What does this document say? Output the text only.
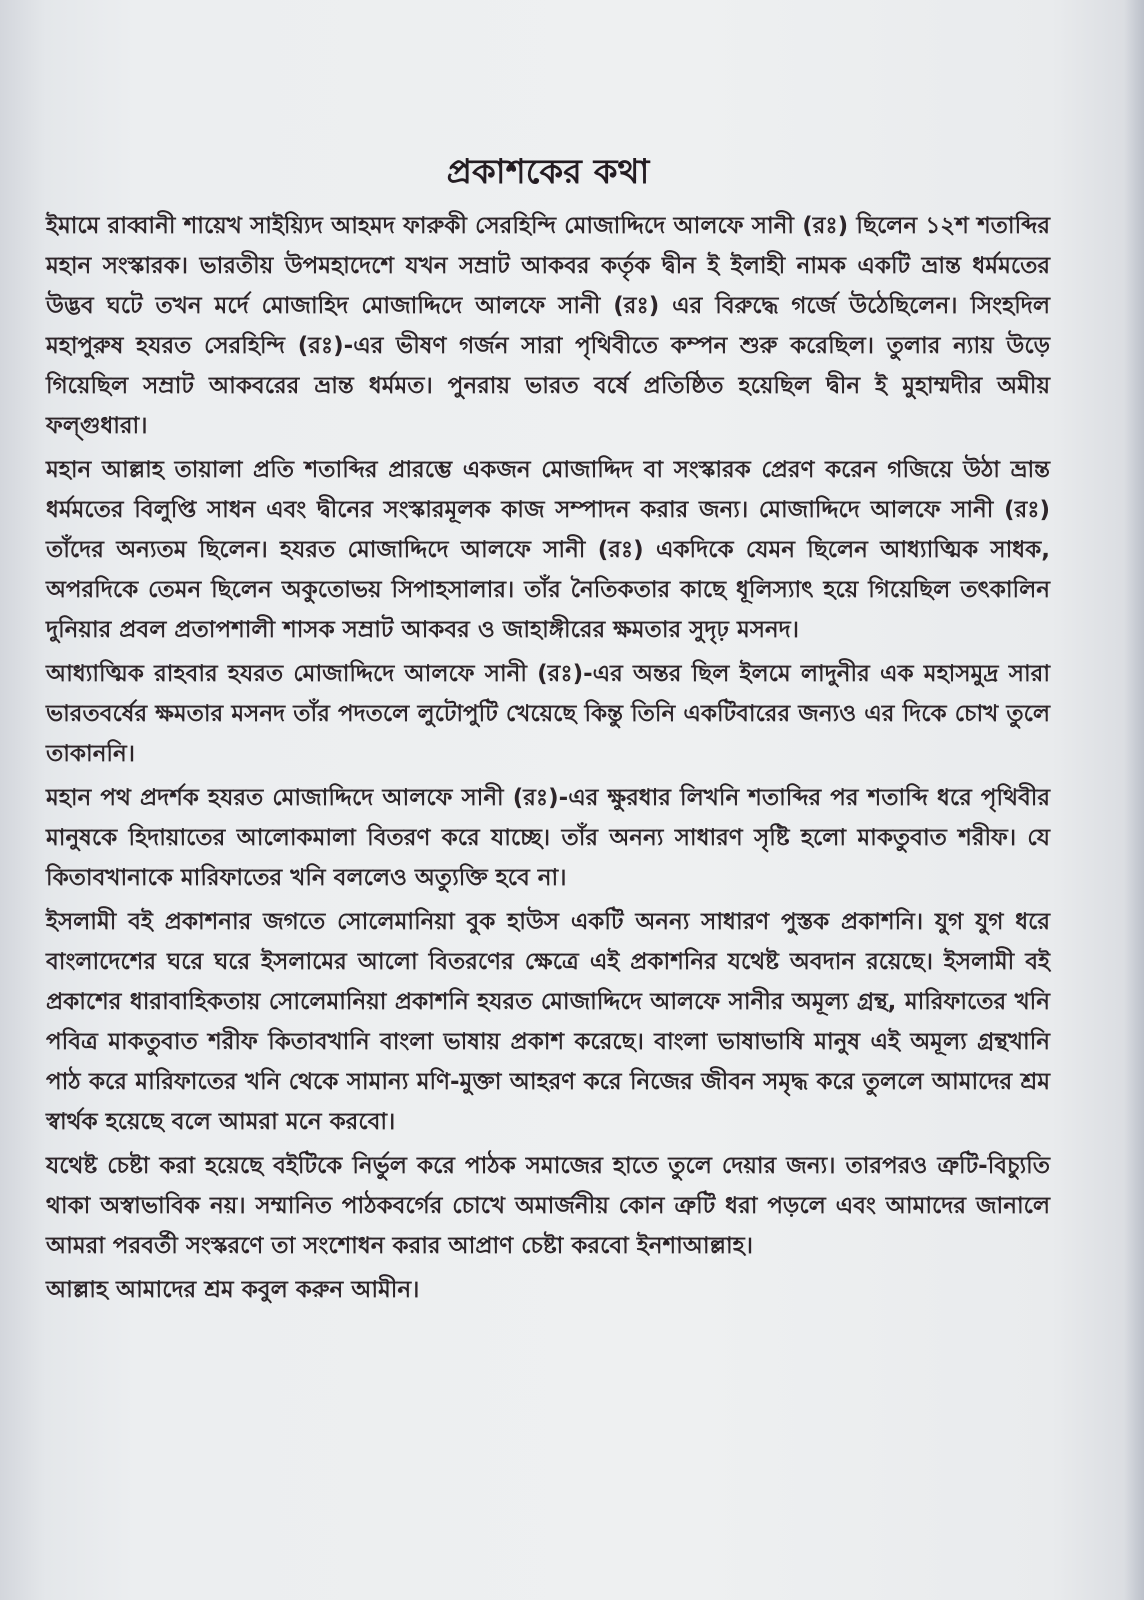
প্রকাশকের কথা

ইমামে রাব্বানী শায়েখ সাইয়্যিদ আহমদ ফারুকী সেরহিন্দি মোজাদ্দিদে আলফে সানী (রঃ) ছিলেন ১২শ শতাব্দির মহান সংস্কারক। ভারতীয় উপমহাদেশে যখন সম্রাট আকবর কর্তৃক দ্বীন ই ইলাহী নামক একটি ভ্রান্ত ধর্মমতের উদ্ভব ঘটে তখন মর্দে মোজাহিদ মোজাদ্দিদে আলফে সানী (রঃ) এর বিরুদ্ধে গর্জে উঠেছিলেন। সিংহদিল মহাপুরুষ হযরত সেরহিন্দি (রঃ)-এর ভীষণ গর্জন সারা পৃথিবীতে কম্পন শুরু করেছিল। তুলার ন্যায় উড়ে গিয়েছিল সম্রাট আকবরের ভ্রান্ত ধর্মমত। পুনরায় ভারত বর্ষে প্রতিষ্ঠিত হয়েছিল দ্বীন ই মুহাম্মদীর অমীয় ফল্গুধারা।

মহান আল্লাহ তায়ালা প্রতি শতাব্দির প্রারম্ভে একজন মোজাদ্দিদ বা সংস্কারক প্রেরণ করেন গজিয়ে উঠা ভ্রান্ত ধর্মমতের বিলুপ্তি সাধন এবং দ্বীনের সংস্কারমূলক কাজ সম্পাদন করার জন্য। মোজাদ্দিদে আলফে সানী (রঃ) তাঁদের অন্যতম ছিলেন। হযরত মোজাদ্দিদে আলফে সানী (রঃ) একদিকে যেমন ছিলেন আধ্যাত্মিক সাধক, অপরদিকে তেমন ছিলেন অকুতোভয় সিপাহসালার। তাঁর নৈতিকতার কাছে ধূলিস্যাৎ হয়ে গিয়েছিল তৎকালিন দুনিয়ার প্রবল প্রতাপশালী শাসক সম্রাট আকবর ও জাহাঙ্গীরের ক্ষমতার সুদৃঢ় মসনদ।

আধ্যাত্মিক রাহবার হযরত মোজাদ্দিদে আলফে সানী (রঃ)-এর অন্তর ছিল ইলমে লাদুনীর এক মহাসমুদ্র সারা ভারতবর্ষের ক্ষমতার মসনদ তাঁর পদতলে লুটোপুটি খেয়েছে কিন্তু তিনি একটিবারের জন্যও এর দিকে চোখ তুলে তাকাননি।

মহান পথ প্রদর্শক হযরত মোজাদ্দিদে আলফে সানী (রঃ)-এর ক্ষুরধার লিখনি শতাব্দির পর শতাব্দি ধরে পৃথিবীর মানুষকে হিদায়াতের আলোকমালা বিতরণ করে যাচ্ছে। তাঁর অনন্য সাধারণ সৃষ্টি হলো মাকতুবাত শরীফ। যে কিতাবখানাকে মারিফাতের খনি বললেও অত্যুক্তি হবে না।

ইসলামী বই প্রকাশনার জগতে সোলেমানিয়া বুক হাউস একটি অনন্য সাধারণ পুস্তক প্রকাশনি। যুগ যুগ ধরে বাংলাদেশের ঘরে ঘরে ইসলামের আলো বিতরণের ক্ষেত্রে এই প্রকাশনির যথেষ্ট অবদান রয়েছে। ইসলামী বই প্রকাশের ধারাবাহিকতায় সোলেমানিয়া প্রকাশনি হযরত মোজাদ্দিদে আলফে সানীর অমূল্য গ্রন্থ, মারিফাতের খনি পবিত্র মাকতুবাত শরীফ কিতাবখানি বাংলা ভাষায় প্রকাশ করেছে। বাংলা ভাষাভাষি মানুষ এই অমূল্য গ্রন্থখানি পাঠ করে মারিফাতের খনি থেকে সামান্য মণি-মুক্তা আহরণ করে নিজের জীবন সমৃদ্ধ করে তুললে আমাদের শ্রম স্বার্থক হয়েছে বলে আমরা মনে করবো।

যথেষ্ট চেষ্টা করা হয়েছে বইটিকে নির্ভুল করে পাঠক সমাজের হাতে তুলে দেয়ার জন্য। তারপরও ত্রুটি-বিচ্যুতি থাকা অস্বাভাবিক নয়। সম্মানিত পাঠকবর্গের চোখে অমার্জনীয় কোন ত্রুটি ধরা পড়লে এবং আমাদের জানালে আমরা পরবর্তী সংস্করণে তা সংশোধন করার আপ্রাণ চেষ্টা করবো ইনশাআল্লাহ।

আল্লাহ আমাদের শ্রম কবুল করুন আমীন।
